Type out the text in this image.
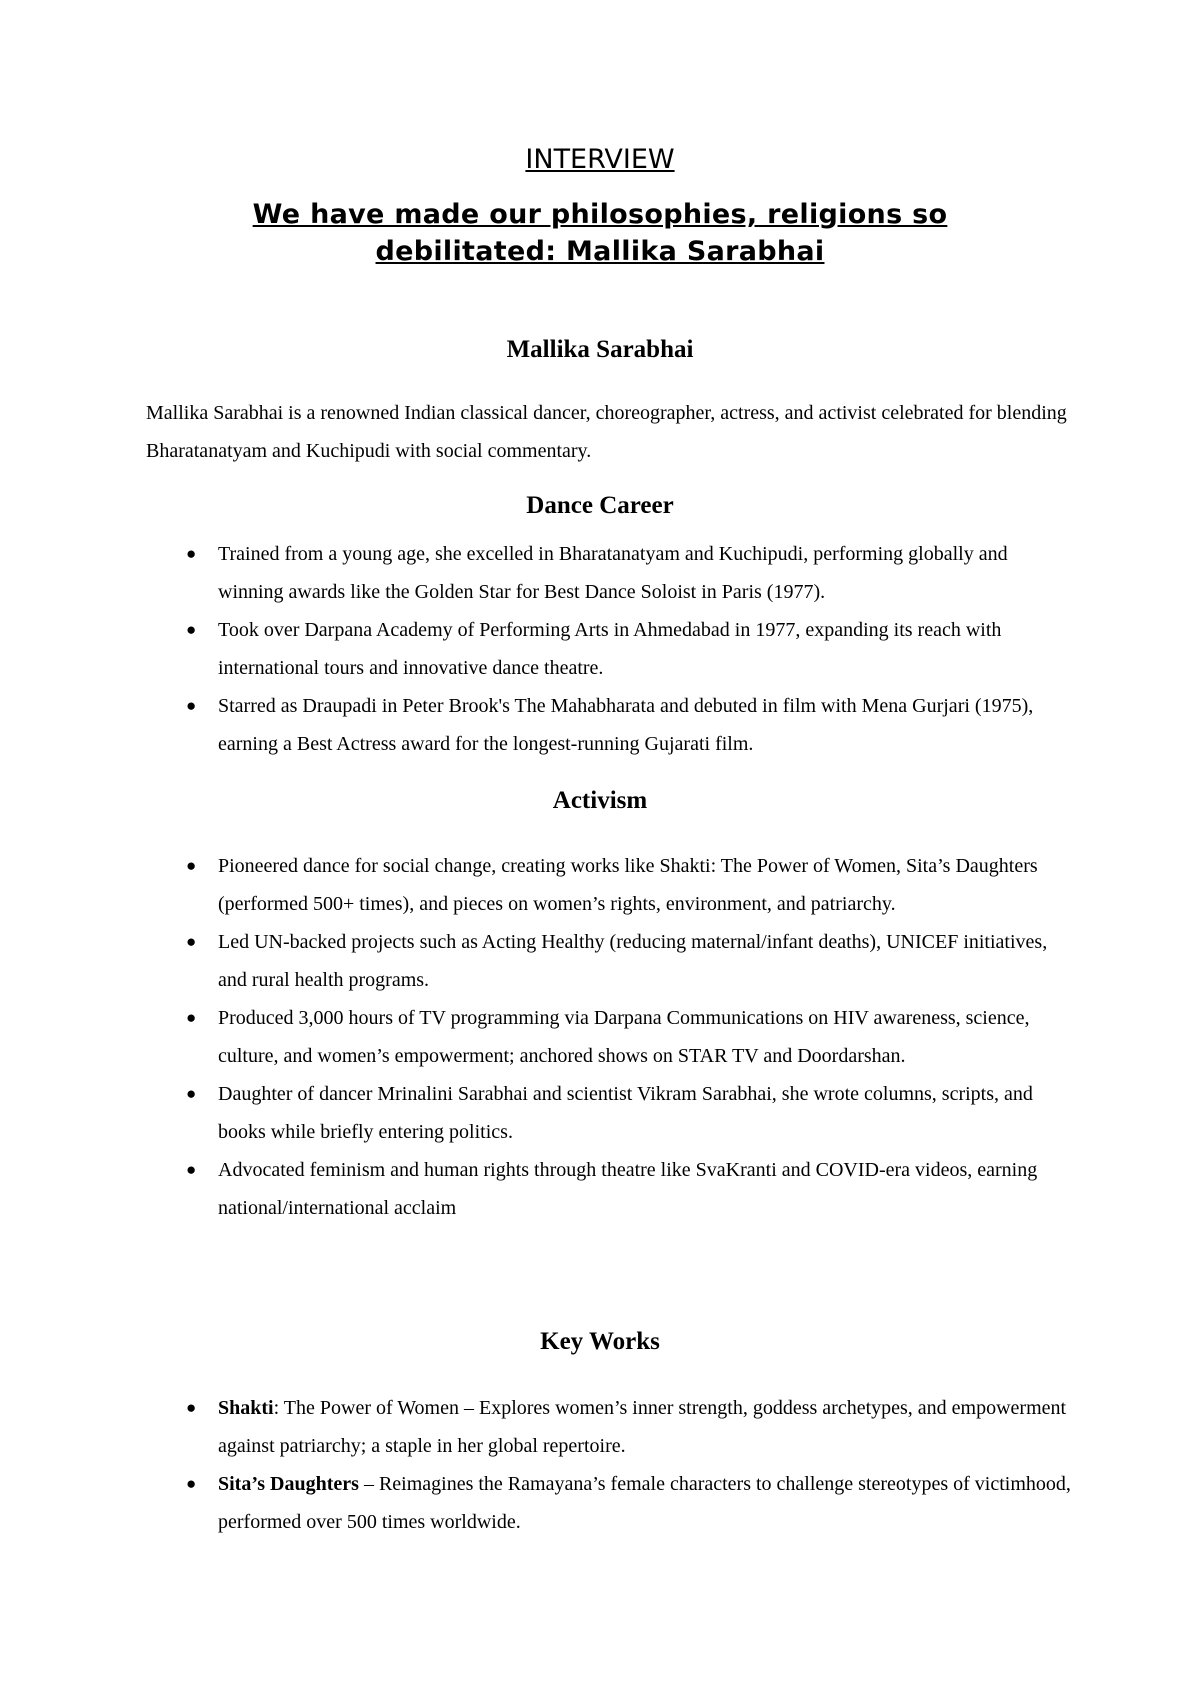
INTERVIEW
We have made our philosophies, religions so
debilitated: Mallika Sarabhai
Mallika Sarabhai

Mallika Sarabhai is a renowned Indian classical dancer, choreographer, actress, and activist celebrated for blending Bharatanatyam and Kuchipudi with social commentary.

Dance Career
● Trained from a young age, she excelled in Bharatanatyam and Kuchipudi, performing globally and winning awards like the Golden Star for Best Dance Soloist in Paris (1977).
● Took over Darpana Academy of Performing Arts in Ahmedabad in 1977, expanding its reach with international tours and innovative dance theatre.
● Starred as Draupadi in Peter Brook's The Mahabharata and debuted in film with Mena Gurjari (1975), earning a Best Actress award for the longest-running Gujarati film.
Activism
● Pioneered dance for social change, creating works like Shakti: The Power of Women, Sita’s Daughters (performed 500+ times), and pieces on women’s rights, environment, and patriarchy.
● Led UN-backed projects such as Acting Healthy (reducing maternal/infant deaths), UNICEF initiatives, and rural health programs.
● Produced 3,000 hours of TV programming via Darpana Communications on HIV awareness, science, culture, and women’s empowerment; anchored shows on STAR TV and Doordarshan.
● Daughter of dancer Mrinalini Sarabhai and scientist Vikram Sarabhai, she wrote columns, scripts, and books while briefly entering politics.
● Advocated feminism and human rights through theatre like SvaKranti and COVID-era videos, earning national/international acclaim
Key Works
● Shakti: The Power of Women – Explores women’s inner strength, goddess archetypes, and empowerment against patriarchy; a staple in her global repertoire.
● Sita’s Daughters – Reimagines the Ramayana’s female characters to challenge stereotypes of victimhood, performed over 500 times worldwide.
